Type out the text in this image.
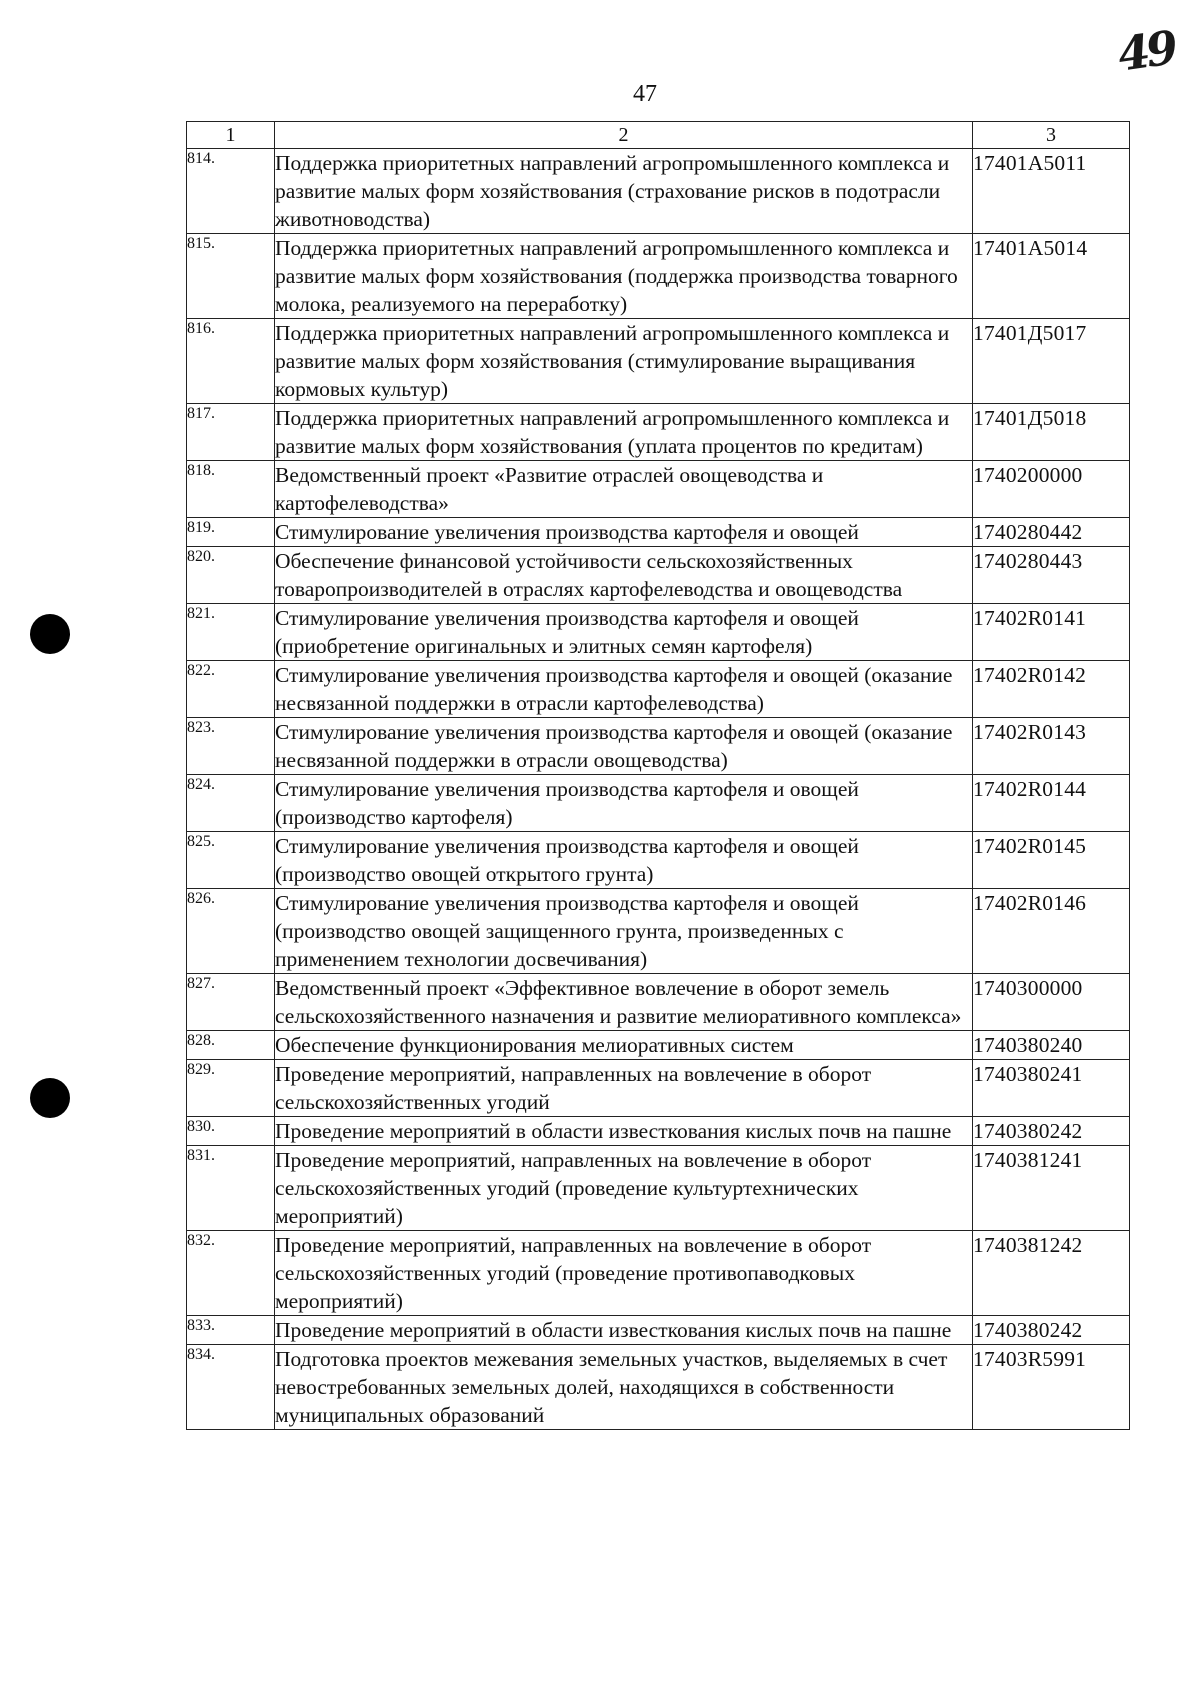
47
49
1	2	3
814.	Поддержка приоритетных направлений агропромышленного комплекса и развитие малых форм хозяйствования (страхование рисков в подотрасли животноводства)	17401А5011
815.	Поддержка приоритетных направлений агропромышленного комплекса и развитие малых форм хозяйствования (поддержка производства товарного молока, реализуемого на переработку)	17401А5014
816.	Поддержка приоритетных направлений агропромышленного комплекса и развитие малых форм хозяйствования (стимулирование выращивания кормовых культур)	17401Д5017
817.	Поддержка приоритетных направлений агропромышленного комплекса и развитие малых форм хозяйствования (уплата процентов по кредитам)	17401Д5018
818.	Ведомственный проект «Развитие отраслей овощеводства и картофелеводства»	1740200000
819.	Стимулирование увеличения производства картофеля и овощей	1740280442
820.	Обеспечение финансовой устойчивости сельскохозяйственных товаропроизводителей в отраслях картофелеводства и овощеводства	1740280443
821.	Стимулирование увеличения производства картофеля и овощей (приобретение оригинальных и элитных семян картофеля)	17402R0141
822.	Стимулирование увеличения производства картофеля и овощей (оказание несвязанной поддержки в отрасли картофелеводства)	17402R0142
823.	Стимулирование увеличения производства картофеля и овощей (оказание несвязанной поддержки в отрасли овощеводства)	17402R0143
824.	Стимулирование увеличения производства картофеля и овощей (производство картофеля)	17402R0144
825.	Стимулирование увеличения производства картофеля и овощей (производство овощей открытого грунта)	17402R0145
826.	Стимулирование увеличения производства картофеля и овощей (производство овощей защищенного грунта, произведенных с применением технологии досвечивания)	17402R0146
827.	Ведомственный проект «Эффективное вовлечение в оборот земель сельскохозяйственного назначения и развитие мелиоративного комплекса»	1740300000
828.	Обеспечение функционирования мелиоративных систем	1740380240
829.	Проведение мероприятий, направленных на вовлечение в оборот сельскохозяйственных угодий	1740380241
830.	Проведение мероприятий в области известкования кислых почв на пашне	1740380242
831.	Проведение мероприятий, направленных на вовлечение в оборот сельскохозяйственных угодий (проведение культуртехнических мероприятий)	1740381241
832.	Проведение мероприятий, направленных на вовлечение в оборот сельскохозяйственных угодий (проведение противопаводковых мероприятий)	1740381242
833.	Проведение мероприятий в области известкования кислых почв на пашне	1740380242
834.	Подготовка проектов межевания земельных участков, выделяемых в счет невостребованных земельных долей, находящихся в собственности муниципальных образований	17403R5991
